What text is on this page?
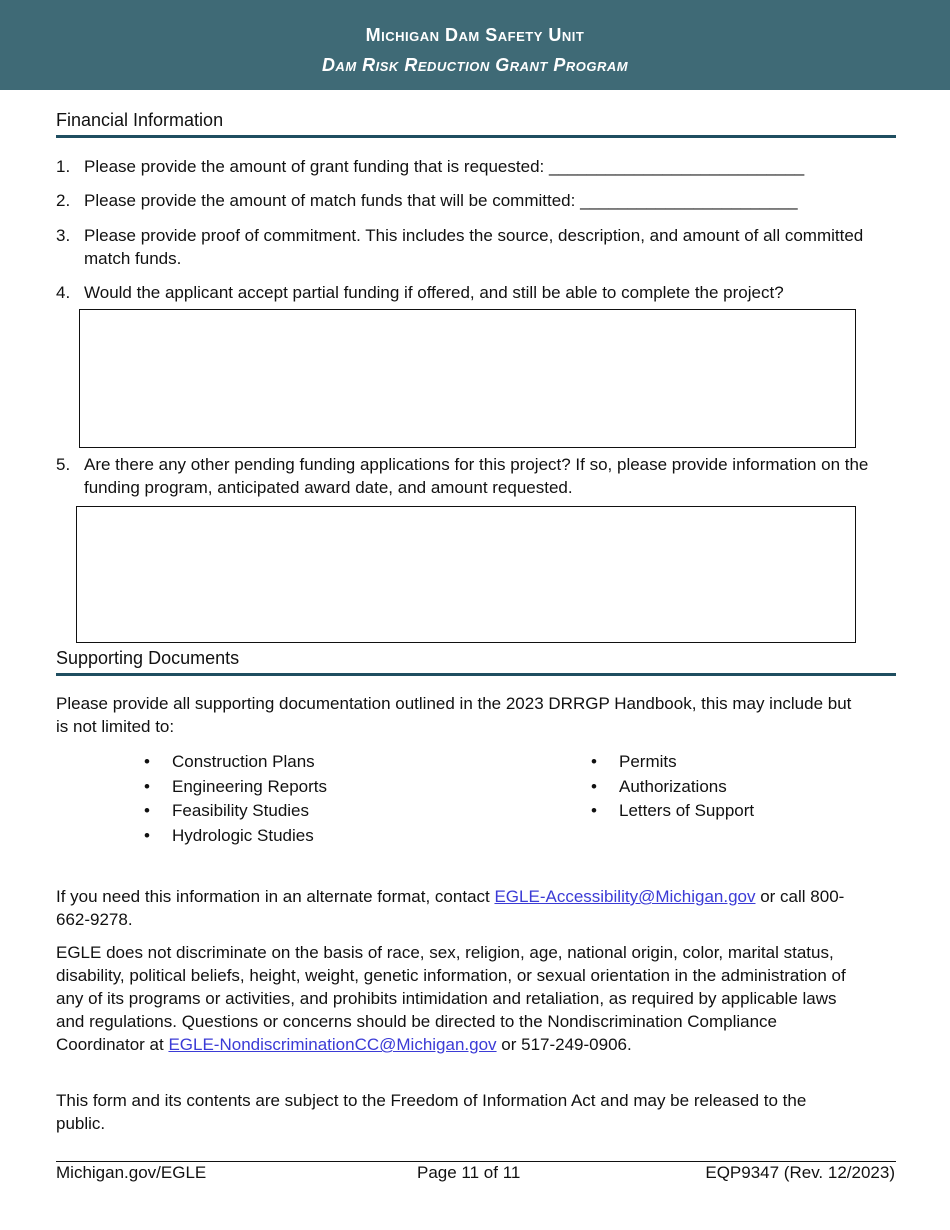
Michigan Dam Safety Unit
Dam Risk Reduction Grant Program
Financial Information
1. Please provide the amount of grant funding that is requested: ___________________________
2. Please provide the amount of match funds that will be committed: _______________________
3. Please provide proof of commitment. This includes the source, description, and amount of all committed match funds.
4. Would the applicant accept partial funding if offered, and still be able to complete the project?
5. Are there any other pending funding applications for this project? If so, please provide information on the funding program, anticipated award date, and amount requested.
Supporting Documents
Please provide all supporting documentation outlined in the 2023 DRRGP Handbook, this may include but is not limited to:
• Construction Plans
• Engineering Reports
• Feasibility Studies
• Hydrologic Studies
• Permits
• Authorizations
• Letters of Support
If you need this information in an alternate format, contact EGLE-Accessibility@Michigan.gov or call 800-662-9278.
EGLE does not discriminate on the basis of race, sex, religion, age, national origin, color, marital status, disability, political beliefs, height, weight, genetic information, or sexual orientation in the administration of any of its programs or activities, and prohibits intimidation and retaliation, as required by applicable laws and regulations. Questions or concerns should be directed to the Nondiscrimination Compliance Coordinator at EGLE-NondiscriminationCC@Michigan.gov or 517-249-0906.
This form and its contents are subject to the Freedom of Information Act and may be released to the public.
Michigan.gov/EGLE	Page 11 of 11	EQP9347 (Rev. 12/2023)
